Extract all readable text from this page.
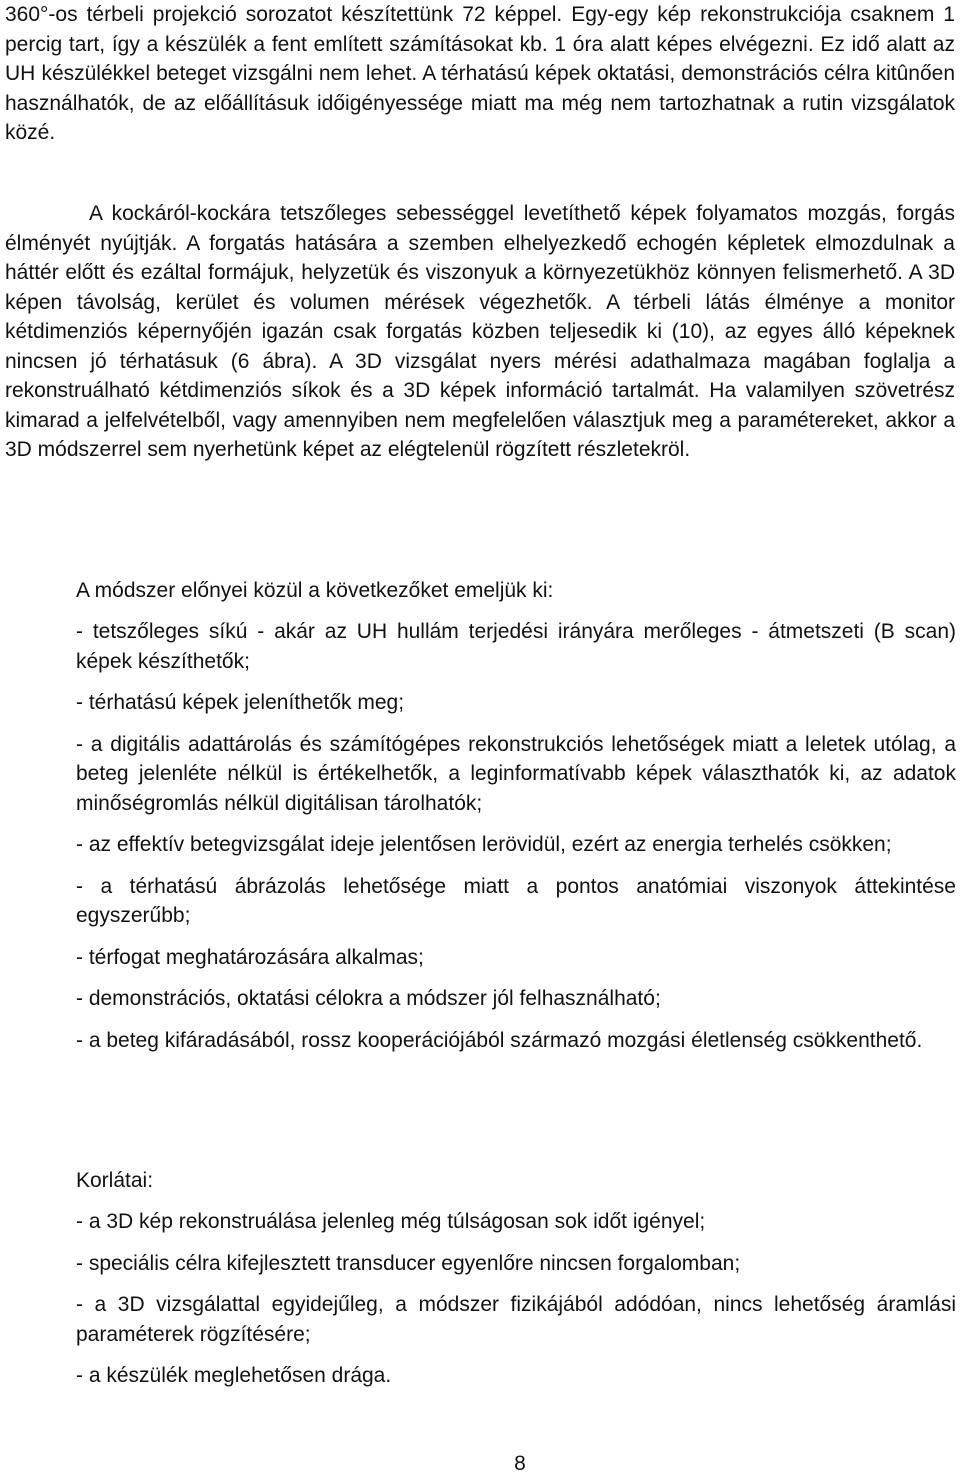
360°-os térbeli projekció sorozatot készítettünk 72 képpel. Egy-egy kép rekonstrukciója csaknem 1 percig tart, így a készülék a fent említett számításokat kb. 1 óra alatt képes elvégezni. Ez idő alatt az UH készülékkel beteget vizsgálni nem lehet. A térhatású képek oktatási, demonstrációs célra kitûnően használhatók, de az előállításuk időigényessége miatt ma még nem tartozhatnak a rutin vizsgálatok közé.

A kockáról-kockára tetszőleges sebességgel levetíthető képek folyamatos mozgás, forgás élményét nyújtják. A forgatás hatására a szemben elhelyezkedő echogén képletek elmozdulnak a háttér előtt és ezáltal formájuk, helyzetük és viszonyuk a környezetükhöz könnyen felismerhető. A 3D képen távolság, kerület és volumen mérések végezhetők. A térbeli látás élménye a monitor kétdimenziós képernyőjén igazán csak forgatás közben teljesedik ki (10), az egyes álló képeknek nincsen jó térhatásuk (6 ábra). A 3D vizsgálat nyers mérési adathalmaza magában foglalja a rekonstruálható kétdimenziós síkok és a 3D képek információ tartalmát. Ha valamilyen szövetrész kimarad a jelfelvételből, vagy amennyiben nem megfelelően választjuk meg a paramétereket, akkor a 3D módszerrel sem nyerhetünk képet az elégtelenül rögzített részletekröl.

A módszer előnyei közül a következőket emeljük ki:

- tetszőleges síkú - akár az UH hullám terjedési irányára merőleges - átmetszeti (B scan) képek készíthetők;
- térhatású képek jeleníthetők meg;
- a digitális adattárolás és számítógépes rekonstrukciós lehetőségek miatt a leletek utólag, a beteg jelenléte nélkül is értékelhetők, a leginformatívabb képek választhatók ki, az adatok minőségromlás nélkül digitálisan tárolhatók;
- az effektív betegvizsgálat ideje jelentősen lerövidül, ezért az energia terhelés csökken;
- a térhatású ábrázolás lehetősége miatt a pontos anatómiai viszonyok áttekintése egyszerűbb;
- térfogat meghatározására alkalmas;
- demonstrációs, oktatási célokra a módszer jól felhasználható;
- a beteg kifáradásából, rossz kooperációjából származó mozgási életlenség csökkenthető.

Korlátai:

- a 3D kép rekonstruálása jelenleg még túlságosan sok időt igényel;
- speciális célra kifejlesztett transducer egyenlőre nincsen forgalomban;
- a 3D vizsgálattal egyidejűleg, a módszer fizikájából adódóan, nincs lehetőség áramlási paraméterek rögzítésére;
- a készülék meglehetősen drága.

8
